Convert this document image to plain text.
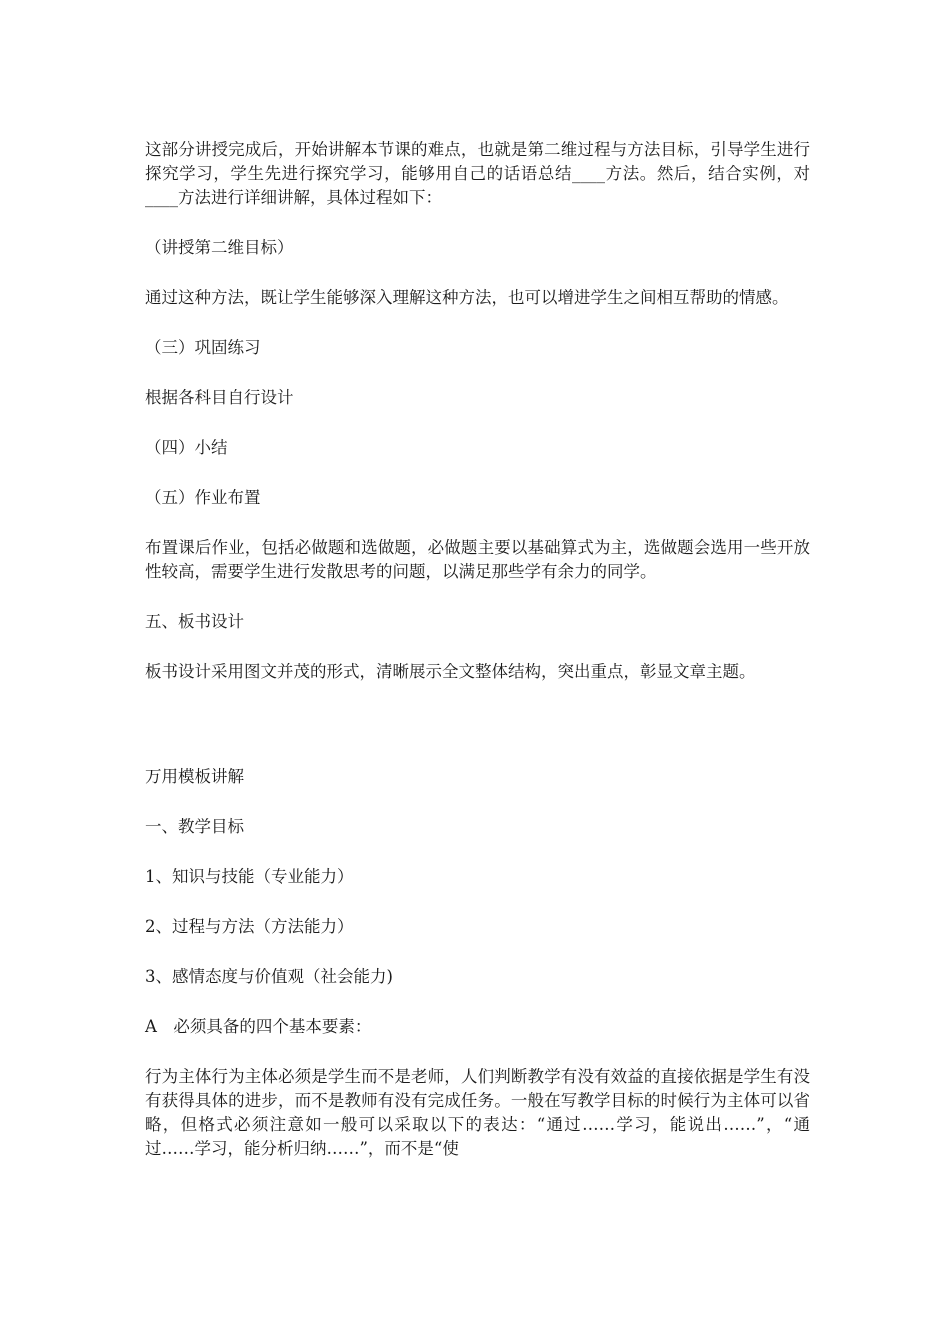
这部分讲授完成后，开始讲解本节课的难点，也就是第二维过程与方法目标，引导学生进行探究学习，学生先进行探究学习，能够用自己的话语总结____方法。然后，结合实例，对____方法进行详细讲解，具体过程如下：

（讲授第二维目标）

通过这种方法，既让学生能够深入理解这种方法，也可以增进学生之间相互帮助的情感。

（三）巩固练习

根据各科目自行设计

（四）小结

（五）作业布置

布置课后作业，包括必做题和选做题，必做题主要以基础算式为主，选做题会选用一些开放性较高，需要学生进行发散思考的问题，以满足那些学有余力的同学。

五、板书设计

板书设计采用图文并茂的形式，清晰展示全文整体结构，突出重点，彰显文章主题。

万用模板讲解

一、教学目标

1、知识与技能（专业能力）

2、过程与方法（方法能力）

3、感情态度与价值观（社会能力)

A　必须具备的四个基本要素：

行为主体行为主体必须是学生而不是老师，人们判断教学有没有效益的直接依据是学生有没有获得具体的进步，而不是教师有没有完成任务。一般在写教学目标的时候行为主体可以省略，但格式必须注意如一般可以采取以下的表达：“通过……学习，能说出……”，“通过……学习，能分析归纳……”，而不是“使
